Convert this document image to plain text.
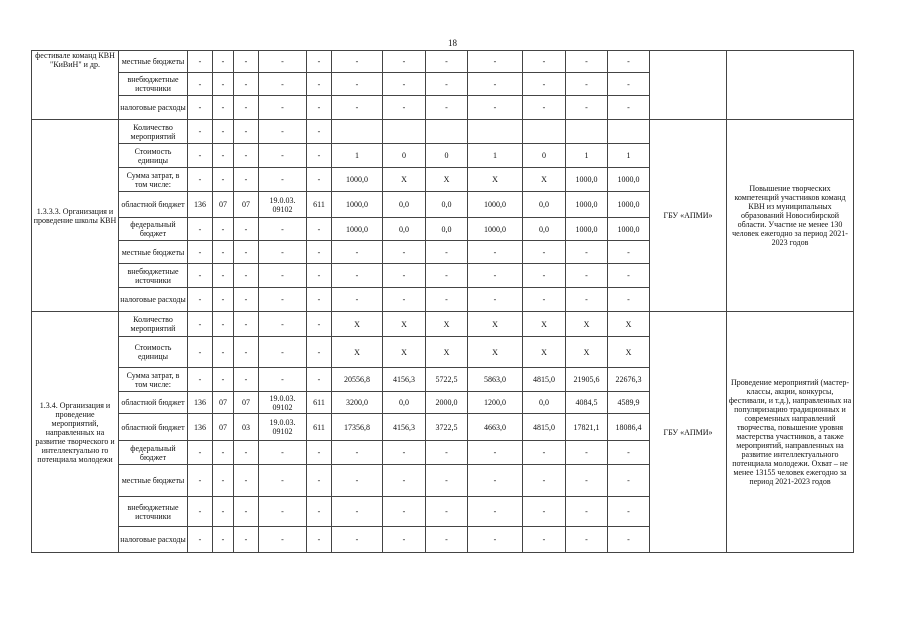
18
фестивале команд КВН "КиВиН" и др.	местные бюджеты	-	-	-	-	-	-	-	-	-	-	-	-		
	внебюджетные источники	-	-	-	-	-	-	-	-	-	-	-	-		
	налоговые расходы	-	-	-	-	-	-	-	-	-	-	-	-		
1.3.3.3. Организация и проведение школы КВН	Количество мероприятий	-	-	-	-	-								ГБУ «АПМИ»	Повышение творческих компетенций участников команд КВН из муниципальных образований Новосибирской области. Участие не менее 130 человек ежегодно за период 2021-2023 годов
	Стоимость единицы	-	-	-	-	-	1	0	0	1	0	1	1		
	Сумма затрат, в том числе:	-	-	-	-	-	1000,0	X	X	X	X	1000,0	1000,0		
	областной бюджет	136	07	07	19.0.03. 09102	611	1000,0	0,0	0,0	1000,0	0,0	1000,0	1000,0		
	федеральный бюджет	-	-	-	-	-	1000,0	0,0	0,0	1000,0	0,0	1000,0	1000,0		
	местные бюджеты	-	-	-	-	-	-	-	-	-	-	-	-		
	внебюджетные источники	-	-	-	-	-	-	-	-	-	-	-	-		
	налоговые расходы	-	-	-	-	-	-	-	-	-	-	-	-		
1.3.4. Организация и проведение мероприятий, направленных на развитие творческого и интеллектуально го потенциала молодежи	Количество мероприятий	-	-	-	-	-	X	X	X	X	X	X	X	ГБУ «АПМИ»	Проведение мероприятий (мастер-классы, акции, конкурсы, фестивали, и т.д.), направленных на популяризацию традиционных и современных направлений творчества, повышение уровня мастерства участников, а также мероприятий, направленных на развитие интеллектуального потенциала молодежи. Охват – не менее 13155 человек ежегодно за период 2021-2023 годов
	Стоимость единицы	-	-	-	-	-	X	X	X	X	X	X	X		
	Сумма затрат, в том числе:	-	-	-	-	-	20556,8	4156,3	5722,5	5863,0	4815,0	21905,6	22676,3		
	областной бюджет	136	07	07	19.0.03. 09102	611	3200,0	0,0	2000,0	1200,0	0,0	4084,5	4589,9		
	областной бюджет	136	07	03	19.0.03. 09102	611	17356,8	4156,3	3722,5	4663,0	4815,0	17821,1	18086,4		
	федеральный бюджет	-	-	-	-	-	-	-	-	-	-	-	-		
	местные бюджеты	-	-	-	-	-	-	-	-	-	-	-	-		
	внебюджетные источники	-	-	-	-	-	-	-	-	-	-	-	-		
	налоговые расходы	-	-	-	-	-	-	-	-	-	-	-	-		
